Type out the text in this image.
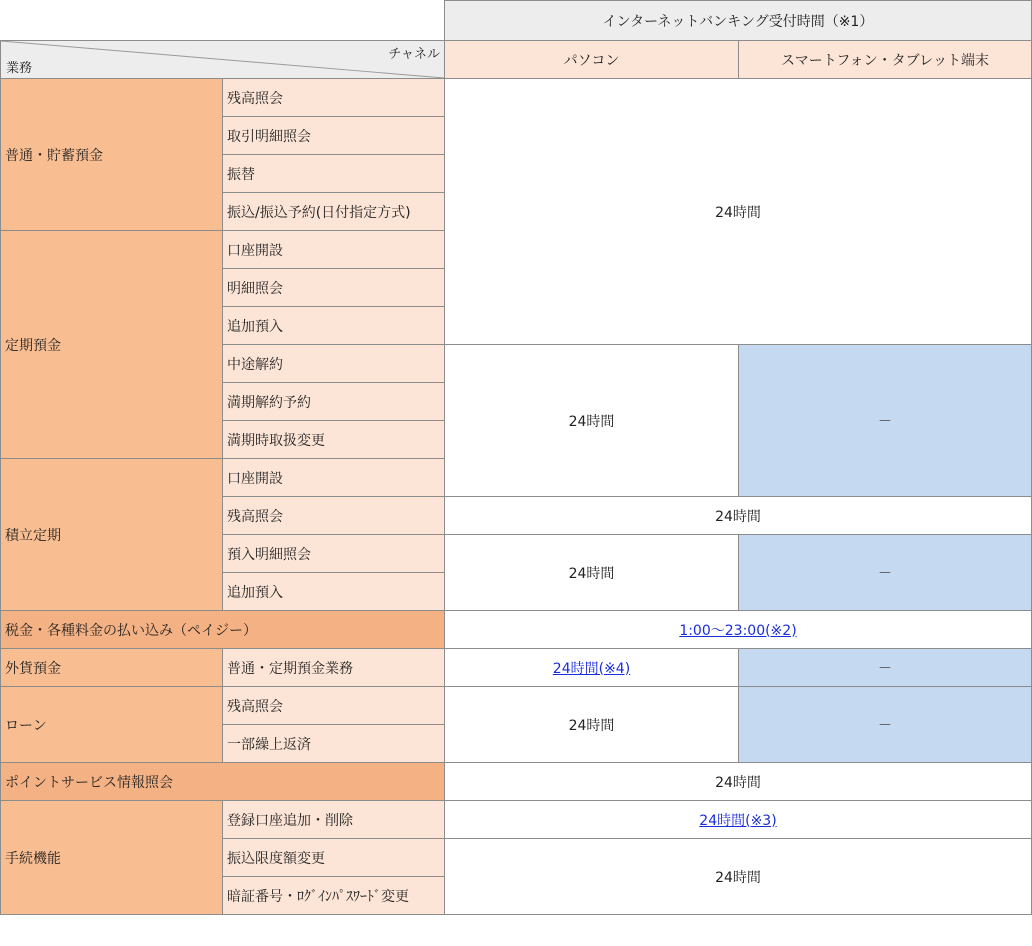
		インターネットバンキング受付時間（※1）	

チャネル
業務		パソコン	スマートフォン・タブレット端末
普通・貯蓄預金	残高照会	24時間	
	取引明細照会		
	振替		
	振込/振込予約(日付指定方式)		
定期預金	口座開設		
	明細照会		
	追加預入		
	中途解約	24時間	－
	満期解約予約		
	満期時取扱変更		
積立定期	口座開設		
	残高照会	24時間	
	預入明細照会	24時間	－
	追加預入		
税金・各種料金の払い込み（ペイジー）		1:00～23:00(※2)	
外貨預金	普通・定期預金業務	24時間(※4)	－
ローン	残高照会	24時間	－
	一部繰上返済		
ポイントサービス情報照会		24時間	
手続機能	登録口座追加・削除	24時間(※3)	
	振込限度額変更	24時間	
	暗証番号・ﾛｸﾞｲﾝﾊﾟｽﾜｰﾄﾞ変更		
